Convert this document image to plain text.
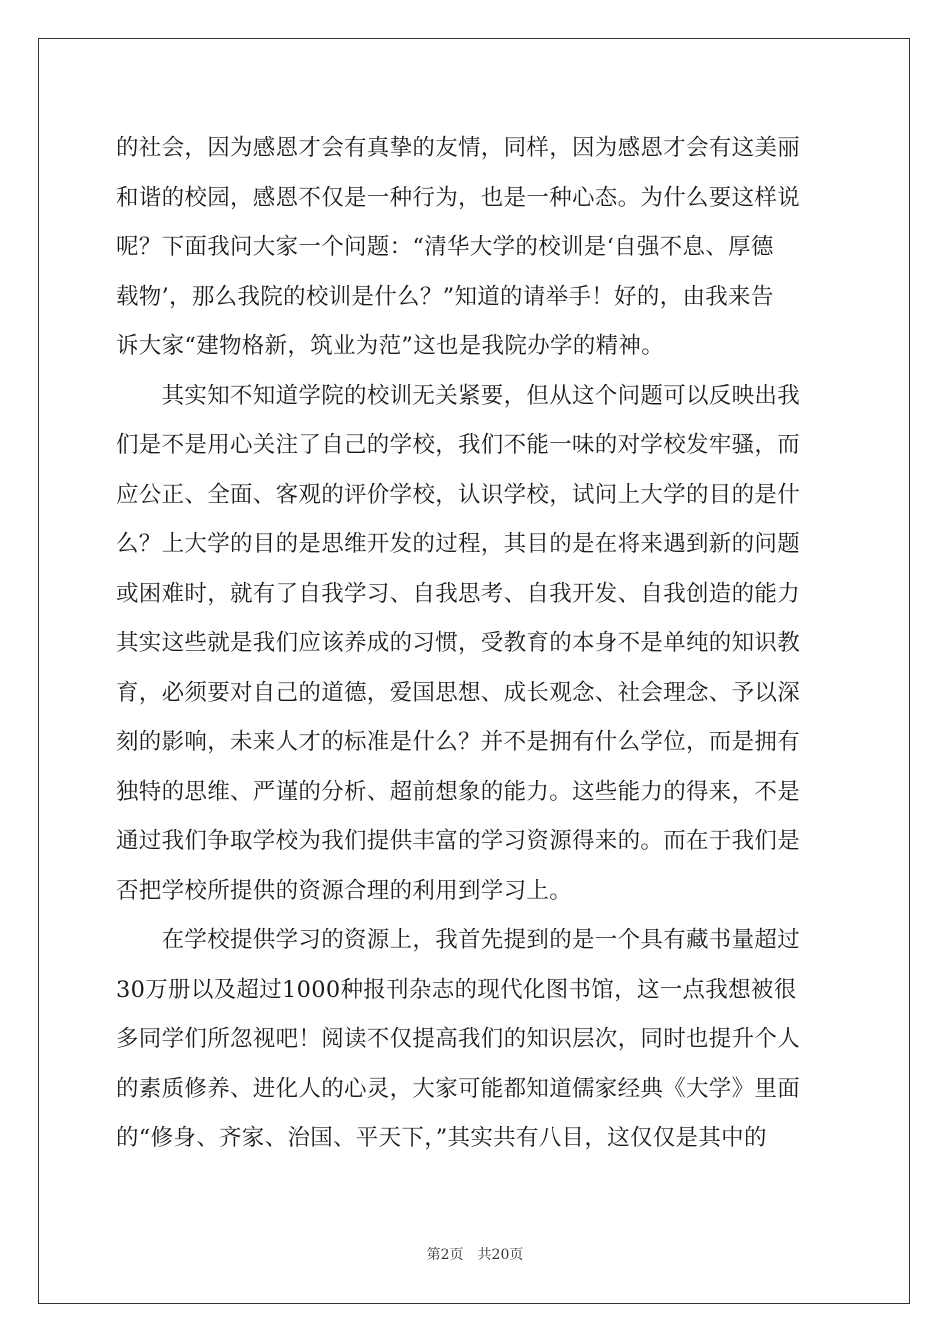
的社会，因为感恩才会有真挚的友情，同样，因为感恩才会有这美丽
和谐的校园，感恩不仅是一种行为，也是一种心态。为什么要这样说
呢？下面我问大家一个问题：“清华大学的校训是‘自强不息、厚德
载物’，那么我院的校训是什么？”知道的请举手！好的，由我来告
诉大家“建物格新，筑业为范”这也是我院办学的精神。
　　其实知不知道学院的校训无关紧要，但从这个问题可以反映出我
们是不是用心关注了自己的学校，我们不能一味的对学校发牢骚，而
应公正、全面、客观的评价学校，认识学校，试问上大学的目的是什
么？上大学的目的是思维开发的过程，其目的是在将来遇到新的问题
或困难时，就有了自我学习、自我思考、自我开发、自我创造的能力
其实这些就是我们应该养成的习惯，受教育的本身不是单纯的知识教
育，必须要对自己的道德，爱国思想、成长观念、社会理念、予以深
刻的影响，未来人才的标准是什么？并不是拥有什么学位，而是拥有
独特的思维、严谨的分析、超前想象的能力。这些能力的得来，不是
通过我们争取学校为我们提供丰富的学习资源得来的。而在于我们是
否把学校所提供的资源合理的利用到学习上。
　　在学校提供学习的资源上，我首先提到的是一个具有藏书量超过
30万册以及超过1000种报刊杂志的现代化图书馆，这一点我想被很
多同学们所忽视吧！阅读不仅提高我们的知识层次，同时也提升个人
的素质修养、进化人的心灵，大家可能都知道儒家经典《大学》里面
的“修身、齐家、治国、平天下，”其实共有八目，这仅仅是其中的
第2页　共20页
